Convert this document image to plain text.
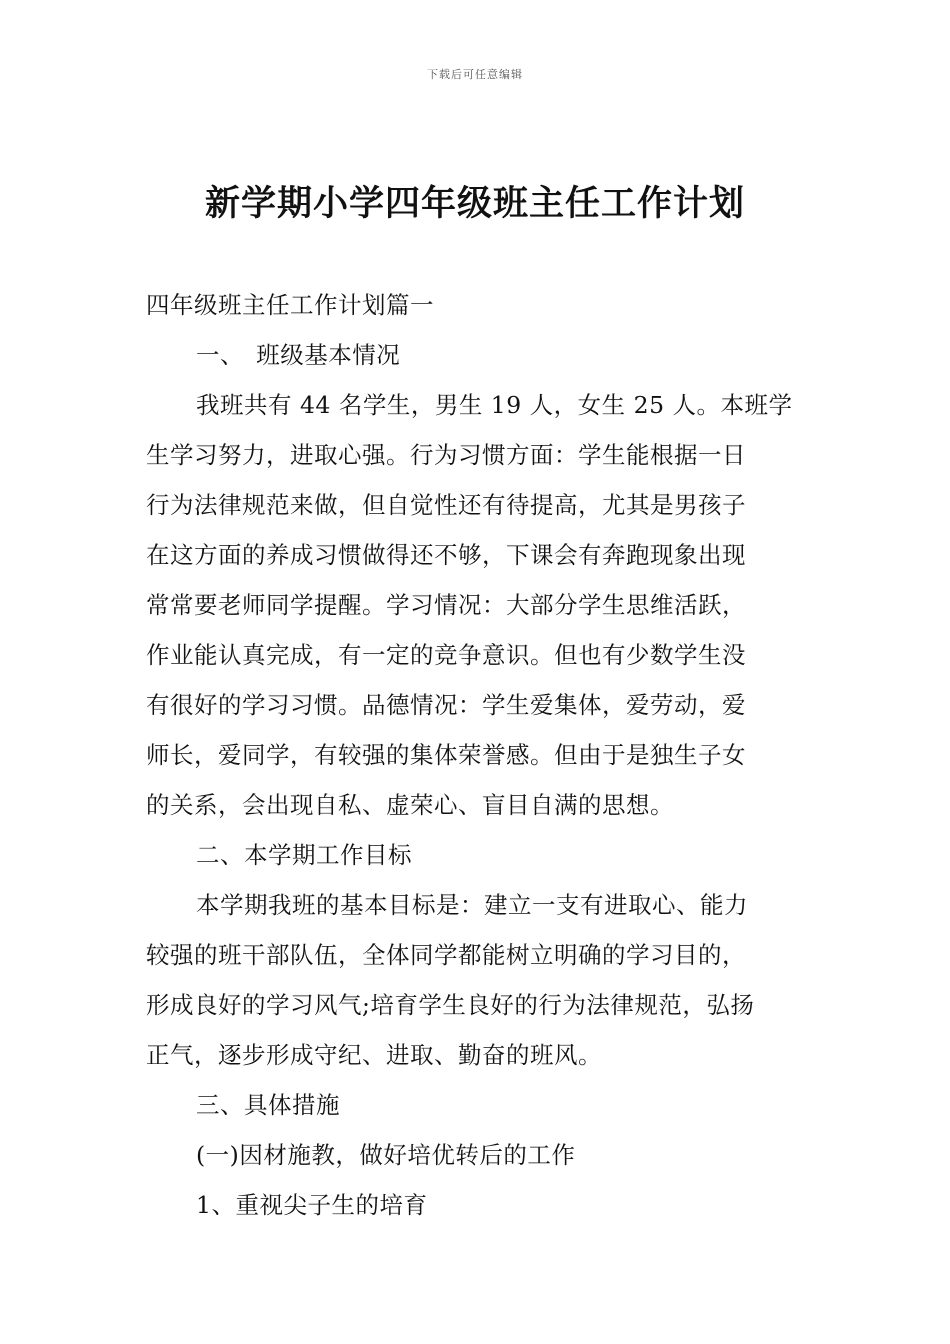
下载后可任意编辑
新学期小学四年级班主任工作计划
四年级班主任工作计划篇一
一、　班级基本情况
我班共有 44 名学生，男生 19 人，女生 25 人。本班学
生学习努力，进取心强。行为习惯方面：学生能根据一日
行为法律规范来做，但自觉性还有待提高，尤其是男孩子
在这方面的养成习惯做得还不够，下课会有奔跑现象出现
常常要老师同学提醒。学习情况：大部分学生思维活跃，
作业能认真完成，有一定的竞争意识。但也有少数学生没
有很好的学习习惯。品德情况：学生爱集体，爱劳动，爱
师长，爱同学，有较强的集体荣誉感。但由于是独生子女
的关系，会出现自私、虚荣心、盲目自满的思想。
二、本学期工作目标
本学期我班的基本目标是：建立一支有进取心、能力
较强的班干部队伍，全体同学都能树立明确的学习目的，
形成良好的学习风气;培育学生良好的行为法律规范，弘扬
正气，逐步形成守纪、进取、勤奋的班风。
三、具体措施
(一)因材施教，做好培优转后的工作
1、重视尖子生的培育
